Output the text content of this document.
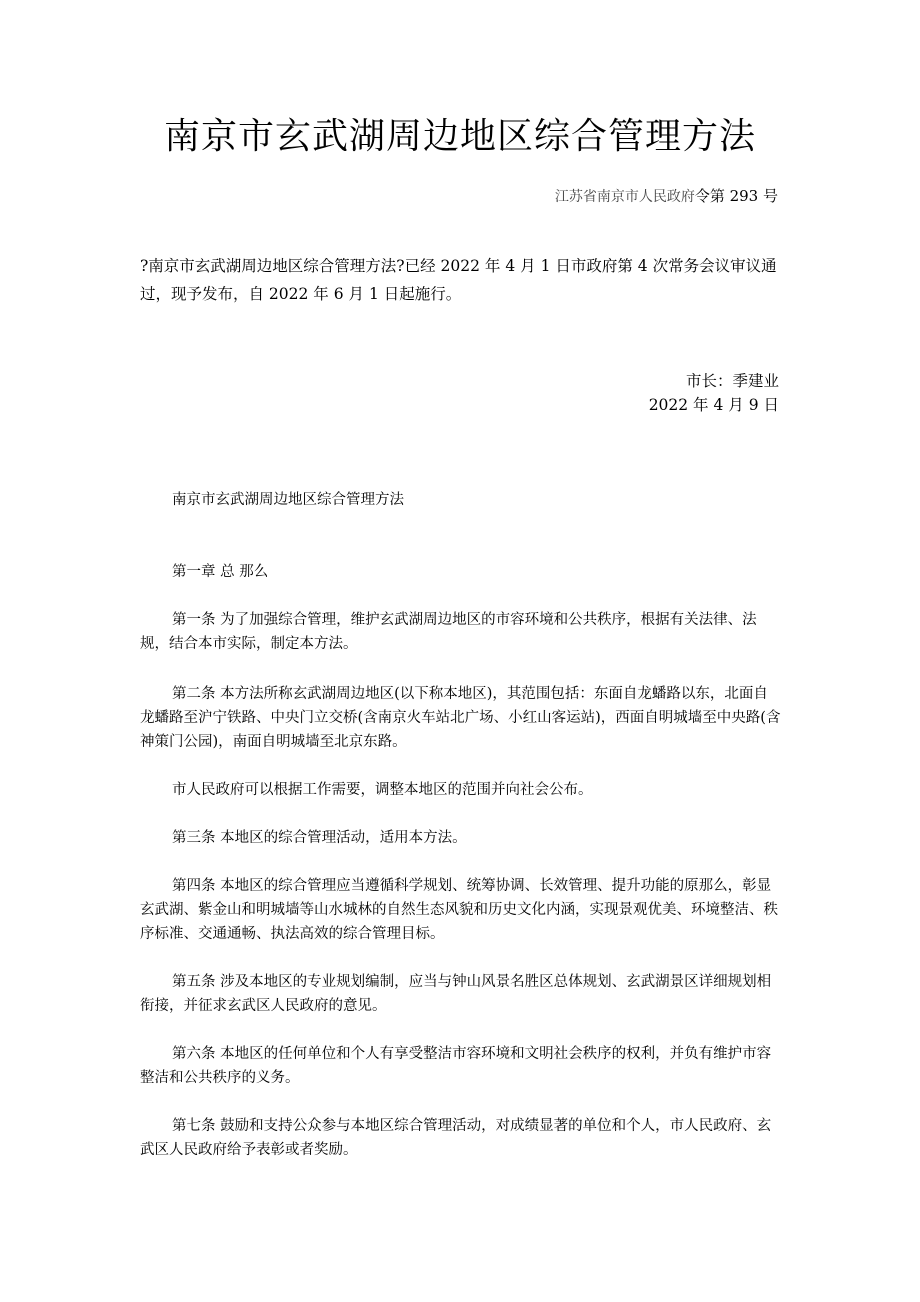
南京市玄武湖周边地区综合管理方法
江苏省南京市人民政府令第 293 号

?南京市玄武湖周边地区综合管理方法?已经 2022 年 4 月 1 日市政府第 4 次常务会议审议通过，现予发布，自 2022 年 6 月 1 日起施行。

市长：季建业
2022 年 4 月 9 日

南京市玄武湖周边地区综合管理方法

第一章 总 那么

第一条 为了加强综合管理，维护玄武湖周边地区的市容环境和公共秩序，根据有关法律、法规，结合本市实际，制定本方法。

第二条 本方法所称玄武湖周边地区(以下称本地区)，其范围包括：东面自龙蟠路以东，北面自龙蟠路至沪宁铁路、中央门立交桥(含南京火车站北广场、小红山客运站)，西面自明城墙至中央路(含神策门公园)，南面自明城墙至北京东路。

市人民政府可以根据工作需要，调整本地区的范围并向社会公布。

第三条 本地区的综合管理活动，适用本方法。

第四条 本地区的综合管理应当遵循科学规划、统筹协调、长效管理、提升功能的原那么，彰显玄武湖、紫金山和明城墙等山水城林的自然生态风貌和历史文化内涵，实现景观优美、环境整洁、秩序标准、交通通畅、执法高效的综合管理目标。

第五条 涉及本地区的专业规划编制，应当与钟山风景名胜区总体规划、玄武湖景区详细规划相衔接，并征求玄武区人民政府的意见。

第六条 本地区的任何单位和个人有享受整洁市容环境和文明社会秩序的权利，并负有维护市容整洁和公共秩序的义务。

第七条 鼓励和支持公众参与本地区综合管理活动，对成绩显著的单位和个人，市人民政府、玄武区人民政府给予表彰或者奖励。
